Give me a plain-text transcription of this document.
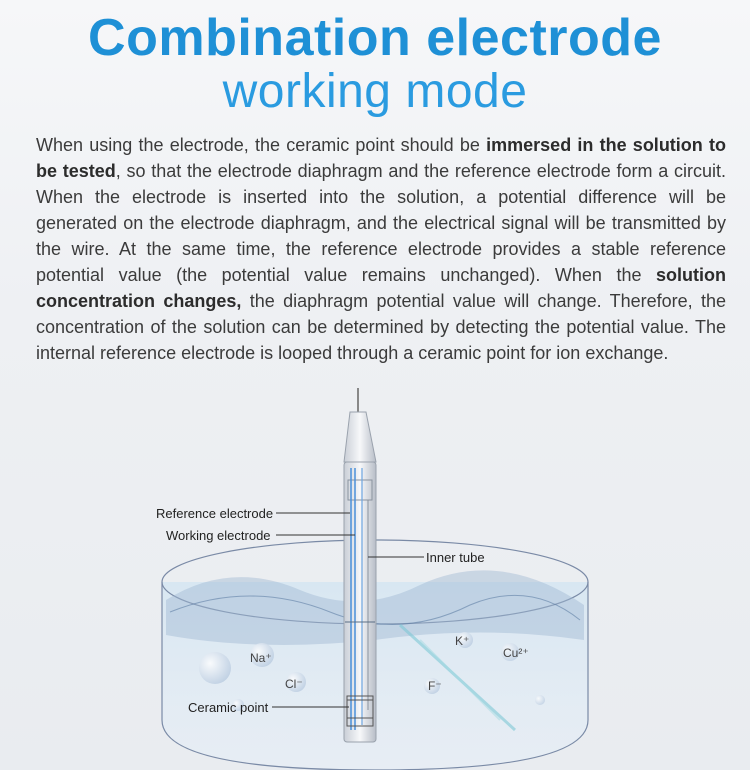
Combination electrode
working mode
When using the electrode, the ceramic point should be immersed in the solution to be tested, so that the electrode diaphragm and the reference electrode form a circuit. When the electrode is inserted into the solution, a potential difference will be generated on the electrode diaphragm, and the electrical signal will be transmitted by the wire. At the same time, the reference electrode provides a stable reference potential value (the potential value remains unchanged). When the solution concentration changes, the diaphragm potential value will change. Therefore, the concentration of the solution can be determined by detecting the potential value. The internal reference electrode is looped through a ceramic point for ion exchange.
Na⁺
Cl⁻
K⁺
Cu²⁺
F⁻
Reference electrode
Working electrode
Inner tube
Ceramic point
